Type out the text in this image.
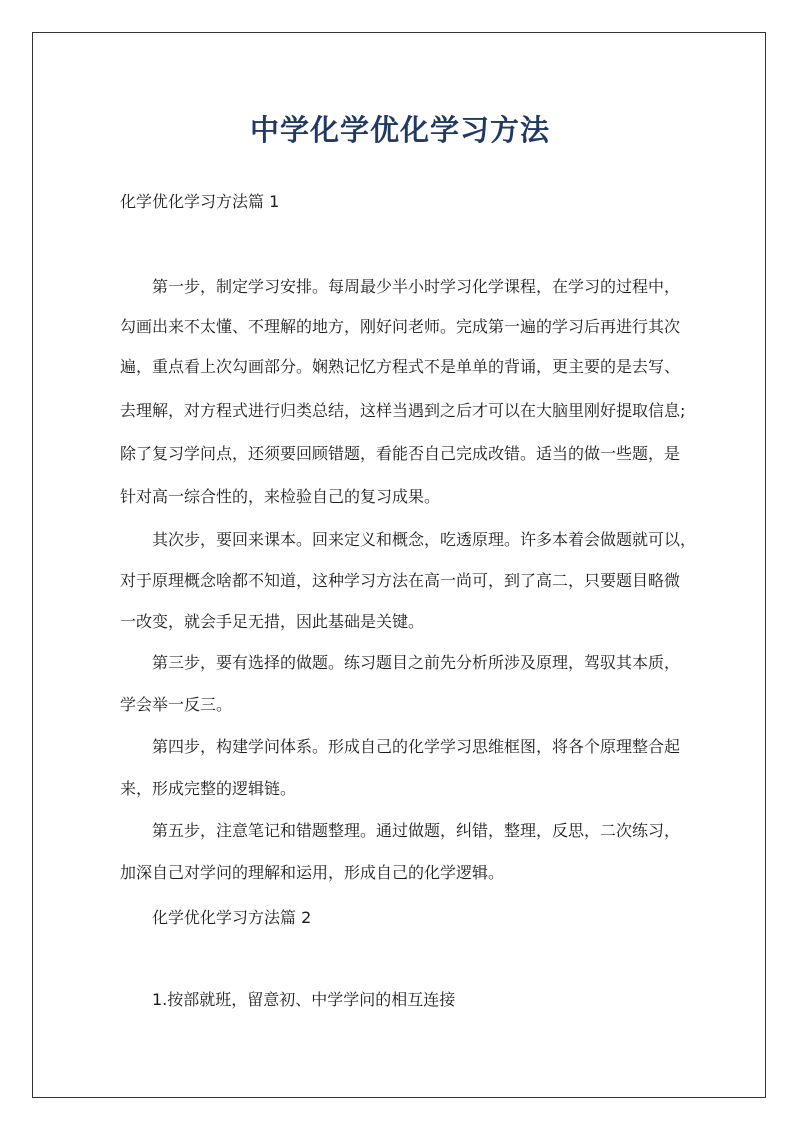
中学化学优化学习方法
化学优化学习方法篇 1
第一步，制定学习安排。每周最少半小时学习化学课程，在学习的过程中，
勾画出来不太懂、不理解的地方，刚好问老师。完成第一遍的学习后再进行其次
遍，重点看上次勾画部分。娴熟记忆方程式不是单单的背诵，更主要的是去写、
去理解，对方程式进行归类总结，这样当遇到之后才可以在大脑里刚好提取信息;
除了复习学问点，还须要回顾错题，看能否自己完成改错。适当的做一些题，是
针对高一综合性的，来检验自己的复习成果。
其次步，要回来课本。回来定义和概念，吃透原理。许多本着会做题就可以，
对于原理概念啥都不知道，这种学习方法在高一尚可，到了高二，只要题目略微
一改变，就会手足无措，因此基础是关键。
第三步，要有选择的做题。练习题目之前先分析所涉及原理，驾驭其本质，
学会举一反三。
第四步，构建学问体系。形成自己的化学学习思维框图，将各个原理整合起
来，形成完整的逻辑链。
第五步，注意笔记和错题整理。通过做题，纠错，整理，反思，二次练习，
加深自己对学问的理解和运用，形成自己的化学逻辑。
化学优化学习方法篇 2
1.按部就班，留意初、中学学问的相互连接
